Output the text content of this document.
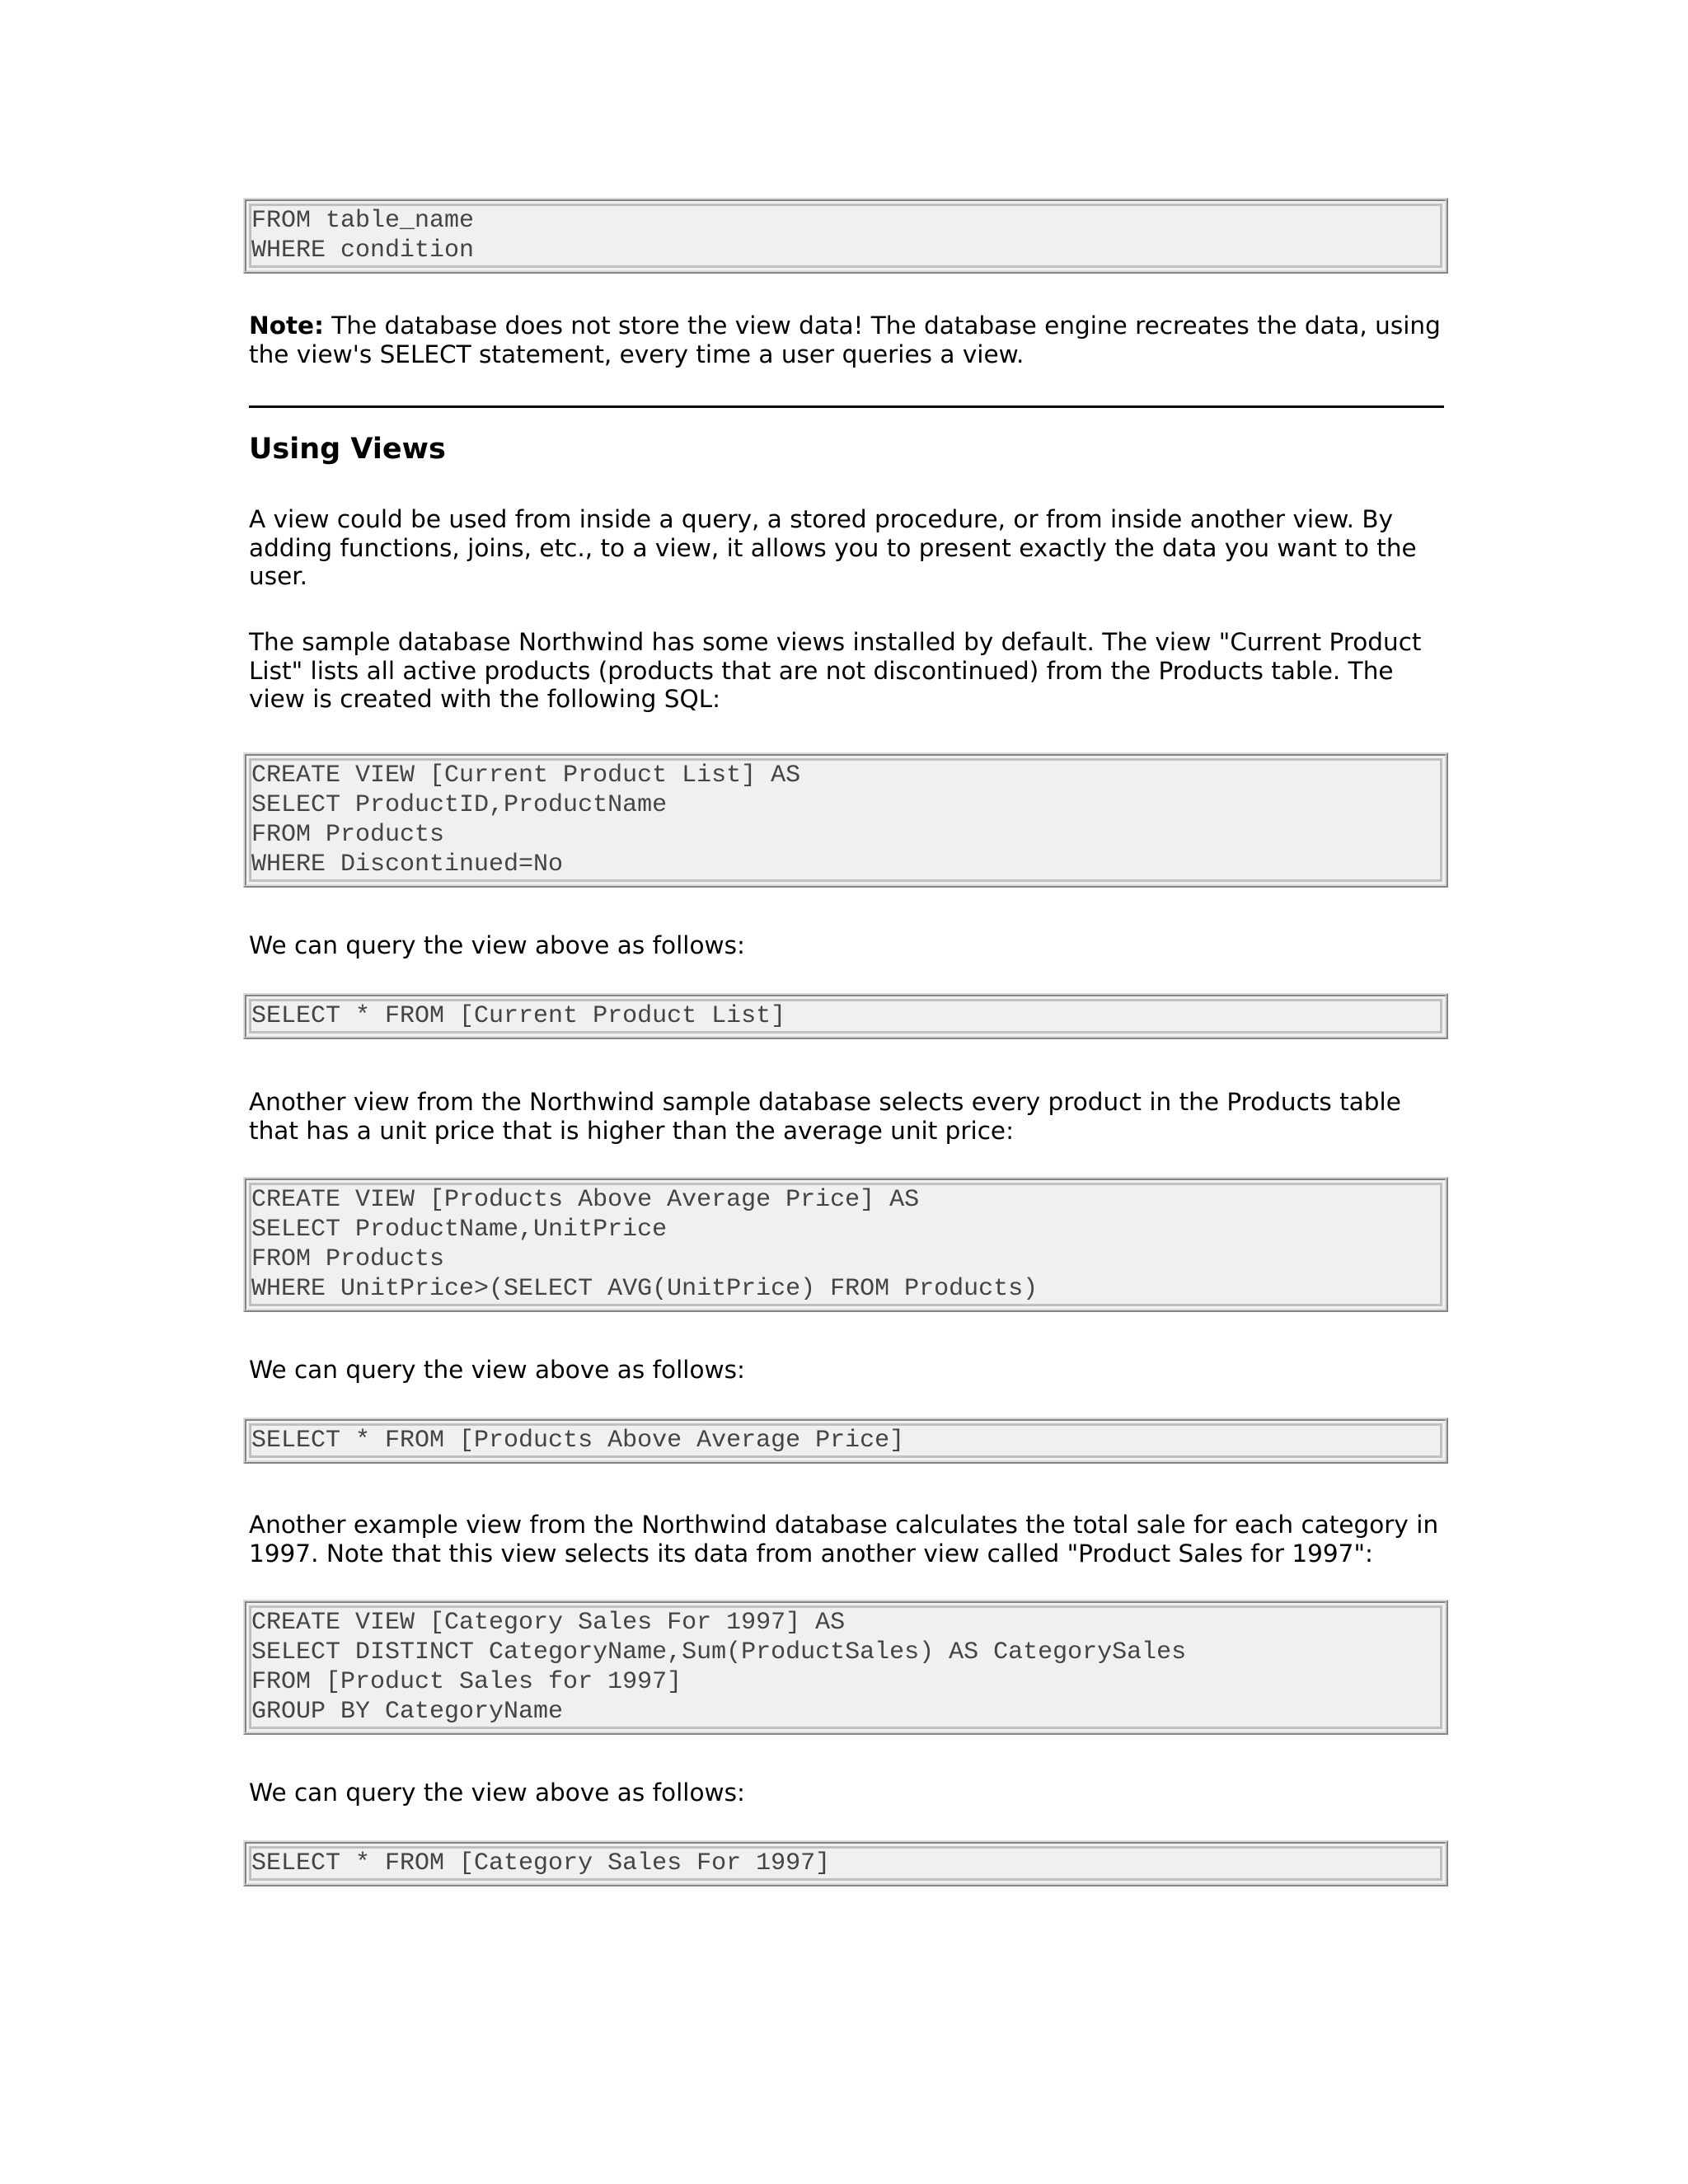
FROM table_name
WHERE condition
Note: The database does not store the view data! The database engine recreates the data, using the view's SELECT statement, every time a user queries a view.
Using Views
A view could be used from inside a query, a stored procedure, or from inside another view. By adding functions, joins, etc., to a view, it allows you to present exactly the data you want to the user.
The sample database Northwind has some views installed by default. The view "Current Product List" lists all active products (products that are not discontinued) from the Products table. The view is created with the following SQL:
CREATE VIEW [Current Product List] AS
SELECT ProductID,ProductName
FROM Products
WHERE Discontinued=No
We can query the view above as follows:
SELECT * FROM [Current Product List]
Another view from the Northwind sample database selects every product in the Products table that has a unit price that is higher than the average unit price:
CREATE VIEW [Products Above Average Price] AS
SELECT ProductName,UnitPrice
FROM Products
WHERE UnitPrice>(SELECT AVG(UnitPrice) FROM Products)
We can query the view above as follows:
SELECT * FROM [Products Above Average Price]
Another example view from the Northwind database calculates the total sale for each category in 1997. Note that this view selects its data from another view called "Product Sales for 1997":
CREATE VIEW [Category Sales For 1997] AS
SELECT DISTINCT CategoryName,Sum(ProductSales) AS CategorySales
FROM [Product Sales for 1997]
GROUP BY CategoryName
We can query the view above as follows:
SELECT * FROM [Category Sales For 1997]
